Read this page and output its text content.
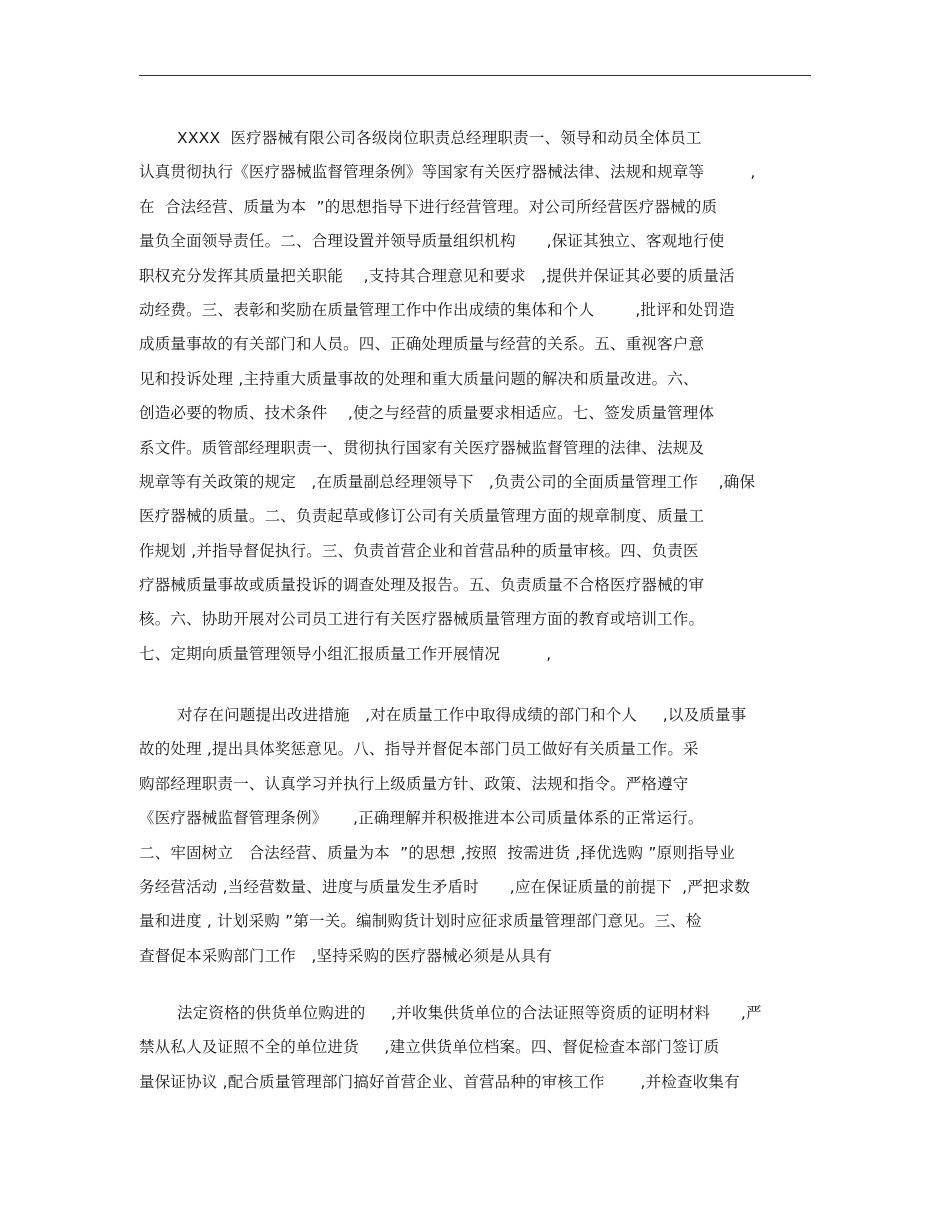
XXXX  医疗器械有限公司各级岗位职责总经理职责一、领导和动员全体员工
认真贯彻执行《医疗器械监督管理条例》等国家有关医疗器械法律、法规和规章等         ,
在  合法经营、质量为本  ”的思想指导下进行经营管理。对公司所经营医疗器械的质
量负全面领导责任。二、合理设置并领导质量组织机构      ,保证其独立、客观地行使
职权充分发挥其质量把关职能    ,支持其合理意见和要求   ,提供并保证其必要的质量活
动经费。三、表彰和奖励在质量管理工作中作出成绩的集体和个人        ,批评和处罚造
成质量事故的有关部门和人员。四、正确处理质量与经营的关系。五、重视客户意
见和投诉处理 ,主持重大质量事故的处理和重大质量问题的解决和质量改进。六、
创造必要的物质、技术条件    ,使之与经营的质量要求相适应。七、签发质量管理体
系文件。质管部经理职责一、贯彻执行国家有关医疗器械监督管理的法律、法规及
规章等有关政策的规定   ,在质量副总经理领导下   ,负责公司的全面质量管理工作    ,确保
医疗器械的质量。二、负责起草或修订公司有关质量管理方面的规章制度、质量工
作规划 ,并指导督促执行。三、负责首营企业和首营品种的质量审核。四、负责医
疗器械质量事故或质量投诉的调查处理及报告。五、负责质量不合格医疗器械的审
核。六、协助开展对公司员工进行有关医疗器械质量管理方面的教育或培训工作。
七、定期向质量管理领导小组汇报质量工作开展情况         ,
对存在问题提出改进措施   ,对在质量工作中取得成绩的部门和个人     ,以及质量事
故的处理 ,提出具体奖惩意见。八、指导并督促本部门员工做好有关质量工作。采
购部经理职责一、认真学习并执行上级质量方针、政策、法规和指令。严格遵守
《医疗器械监督管理条例》     ,正确理解并积极推进本公司质量体系的正常运行。
二、牢固树立   合法经营、质量为本  ”的思想 ,按照  按需进货 ,择优选购 ”原则指导业
务经营活动 ,当经营数量、进度与质量发生矛盾时      ,应在保证质量的前提下  ,严把求数
量和进度 , 计划采购 ”第一关。编制购货计划时应征求质量管理部门意见。三、检
查督促本采购部门工作   ,坚持采购的医疗器械必须是从具有
法定资格的供货单位购进的     ,并收集供货单位的合法证照等资质的证明材料      ,严
禁从私人及证照不全的单位进货     ,建立供货单位档案。四、督促检查本部门签订质
量保证协议 ,配合质量管理部门搞好首营企业、首营品种的审核工作       ,并检查收集有
